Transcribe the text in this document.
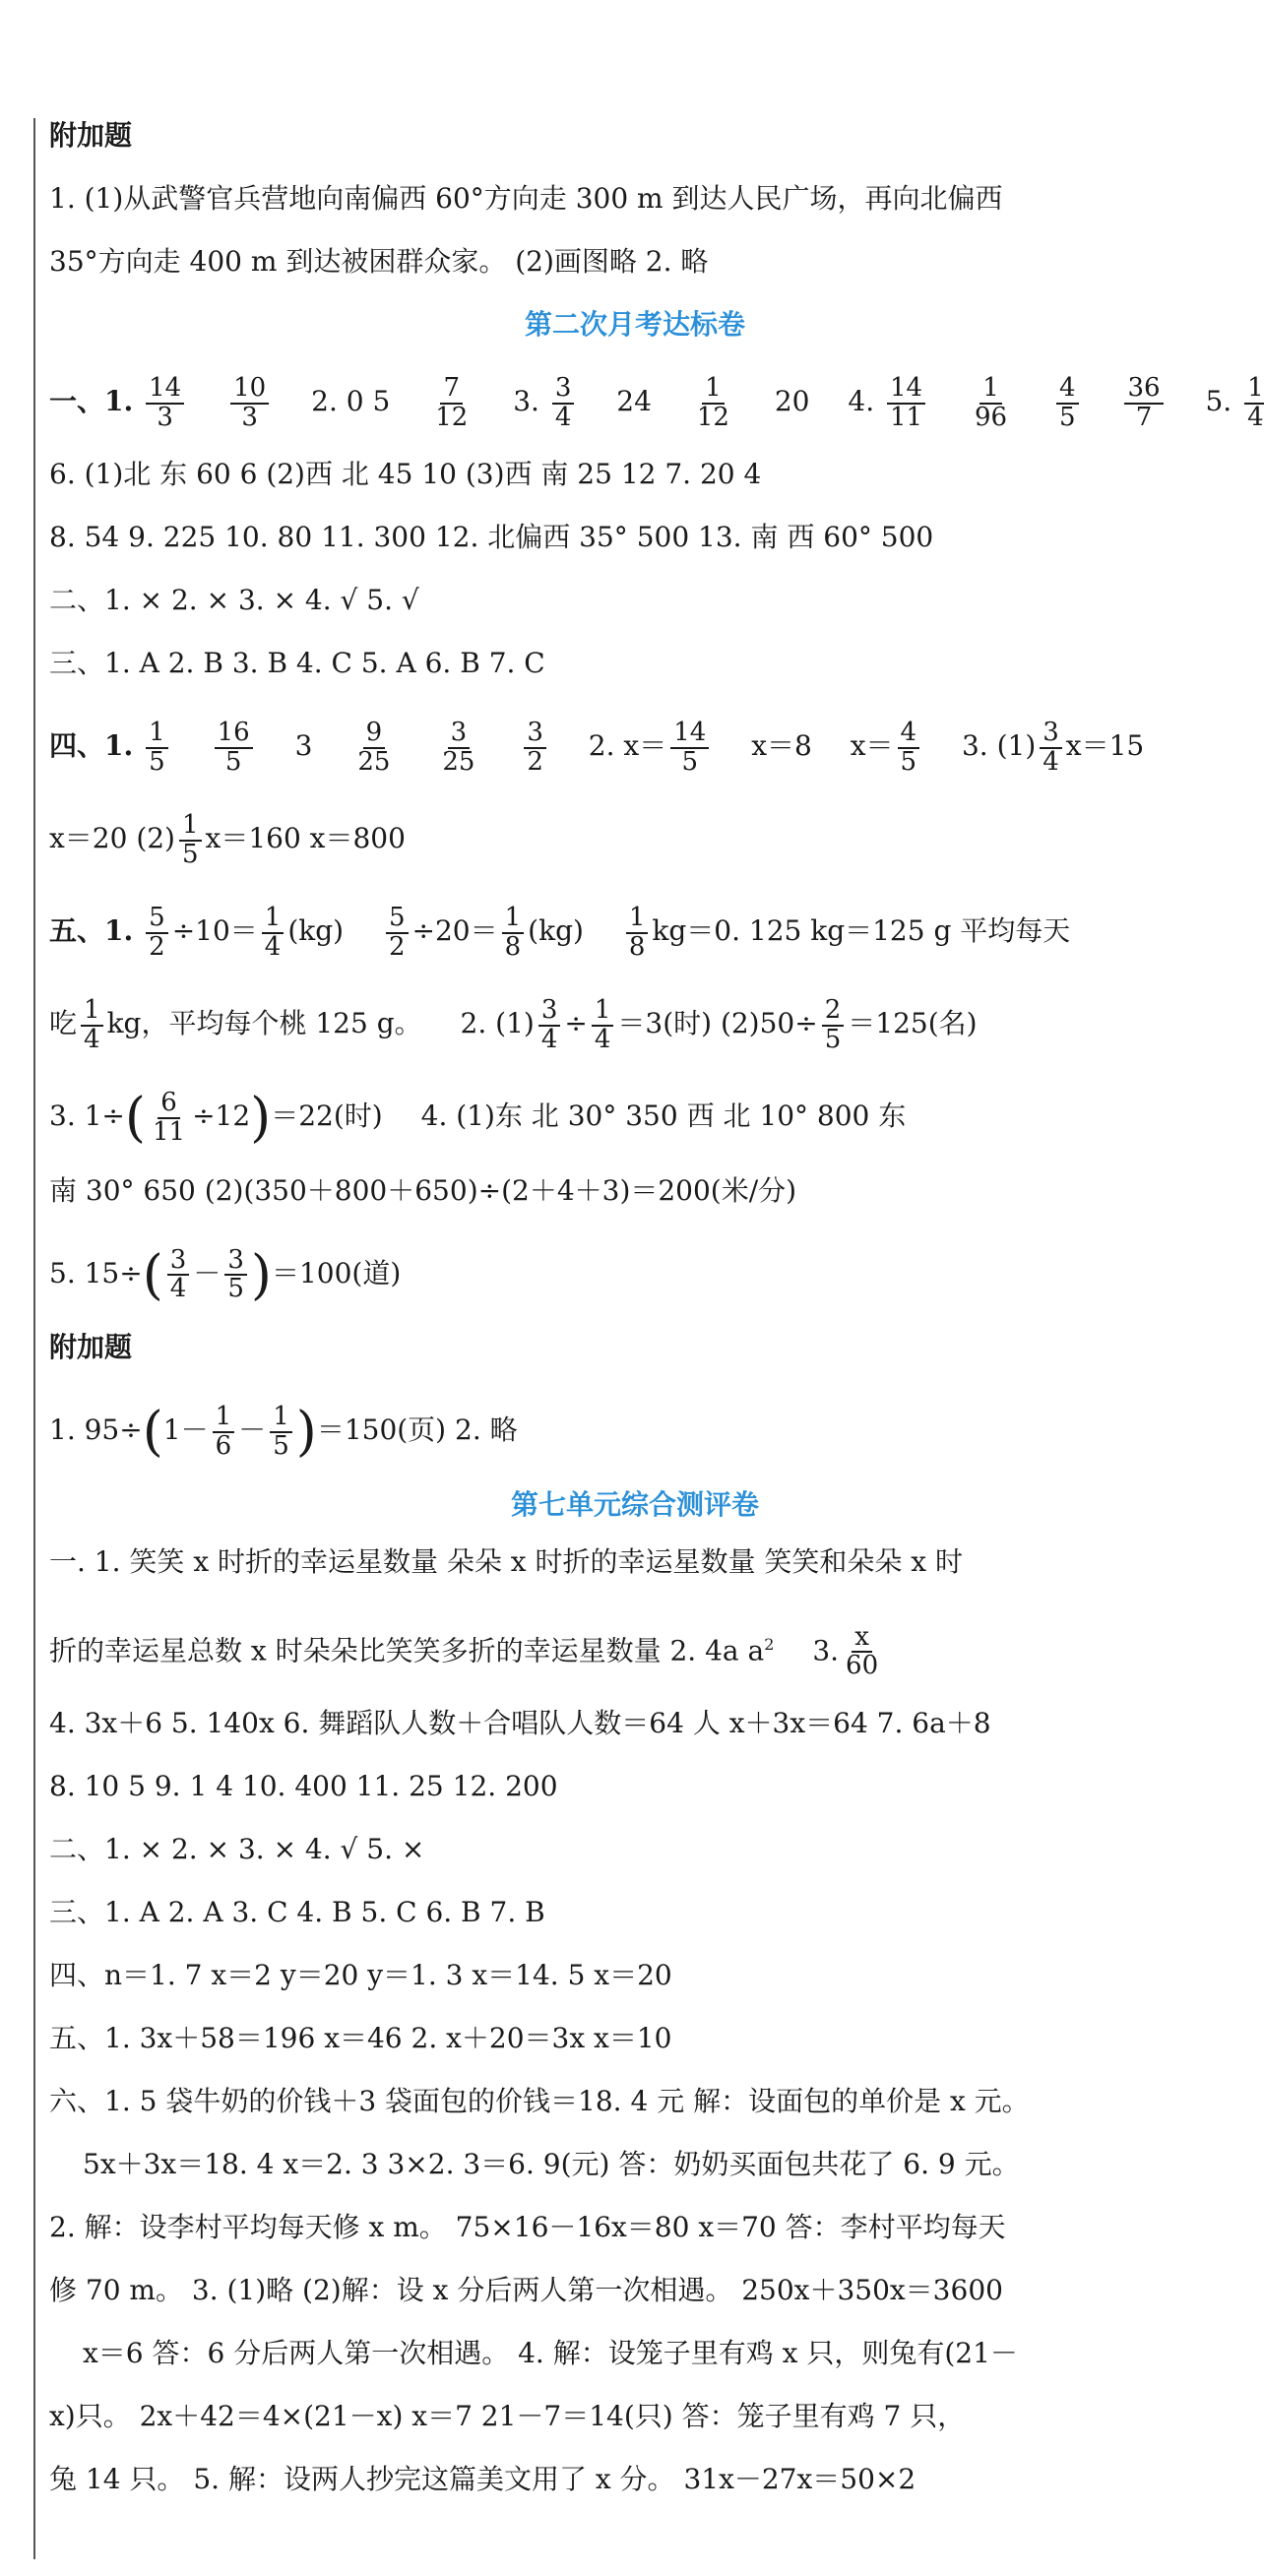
附加题
1. (1)从武警官兵营地向南偏西 60°方向走 300 m 到达人民广场，再向北偏西
35°方向走 400 m 到达被困群众家。 (2)画图略 2. 略
第二次月考达标卷
一、1. $\frac{14}{3}$
$\frac{10}{3} 2$. 0 $5 \frac{7}{12} 3$. $\frac{3}{4} 24 \frac{1}{12} 20$ 4. $\frac{14}{11}$
$\frac{1}{96}$
$\frac{4}{5}$
$\frac{36}{7} 5$. $\frac{1}{4}$
6. (1)北 东 60 6 (2)西 北 45 10 (3)西 南 25 12 7. 20 4
8. 54 9. 225 10. 80 11. 300 12. 北偏西 35° 500 13. 南 西 60° 500
二、1. × 2. × 3. × 4. √ 5. √
三、1. A 2. B 3. B 4. C 5. A 6. B 7. C
四、1. $\frac{1}{5}$
$\frac{16}{5} 3 \frac{9}{25}$
$\frac{3}{25}$
$\frac{3}{2} 2$. $x= \frac{14}{5} x=8$ $x= \frac{4}{5} 3$. $(1) \frac{3}{4} x=15$
x＝20 $(2) \frac{1}{5} x=160$ x＝800
五、1. $\frac{5}{2} \div 10= \frac{1}{4} (kg) \frac{5}{2} \div 20= \frac{1}{8} (kg) \frac{1}{8} kg=0$. 125 kg＝125 g 平均每天
吃 $\frac{1}{4}$ kg，平均每个桃 125 g。 2. $(1) \frac{3}{4} \div \frac{1}{4} =3$(时) $(2)50\div \frac{2}{5} =125$(名)
3. $1\div( \frac{6}{11} \div 12)=22$(时) 4. (1)东 北 30° 350 西 北 10° 800 东
南 30° 650 (2)(350＋800＋650)÷(2＋4＋3)＝200(米/分)
5. $15\div( \frac{3}{4} - \frac{3}{5} )=100$(道)
附加题
1. $95\div(1- \frac{1}{6} - \frac{1}{5} )=150$(页) 2. 略
第七单元综合测评卷
一. 1. 笑笑 x 时折的幸运星数量 朵朵 x 时折的幸运星数量 笑笑和朵朵 x 时
折的幸运星总数 x 时朵朵比笑笑多折的幸运星数量 2. 4a $a^2$ 3. $\frac{x}{60}$
4. 3x＋6 5. 140x 6. 舞蹈队人数＋合唱队人数＝64 人 x＋3x＝64 7. 6a＋8
8. 10 5 9. 1 4 10. 400 11. 25 12. 200
二、1. × 2. × 3. × 4. √ 5. ×
三、1. A 2. A 3. C 4. B 5. C 6. B 7. B
四、n＝1. 7 x＝2 y＝20 y＝1. 3 x＝14. 5 x＝20
五、1. 3x＋58＝196 x＝46 2. x＋20＝3x x＝10
六、1. 5 袋牛奶的价钱＋3 袋面包的价钱＝18. 4 元 解：设面包的单价是 x 元。
5x＋3x＝18. 4 x＝2. 3 3×2. 3＝6. 9(元) 答：奶奶买面包共花了 6. 9 元。
2. 解：设李村平均每天修 x m。 75×16－16x＝80 x＝70 答：李村平均每天
修 70 m。 3. (1)略 (2)解：设 x 分后两人第一次相遇。 250x＋350x＝3600
x＝6 答：6 分后两人第一次相遇。 4. 解：设笼子里有鸡 x 只，则兔有(21－
x)只。 2x＋42＝4×(21－x) x＝7 21－7＝14(只) 答：笼子里有鸡 7 只，
兔 14 只。 5. 解：设两人抄完这篇美文用了 x 分。 31x－27x＝50×2
